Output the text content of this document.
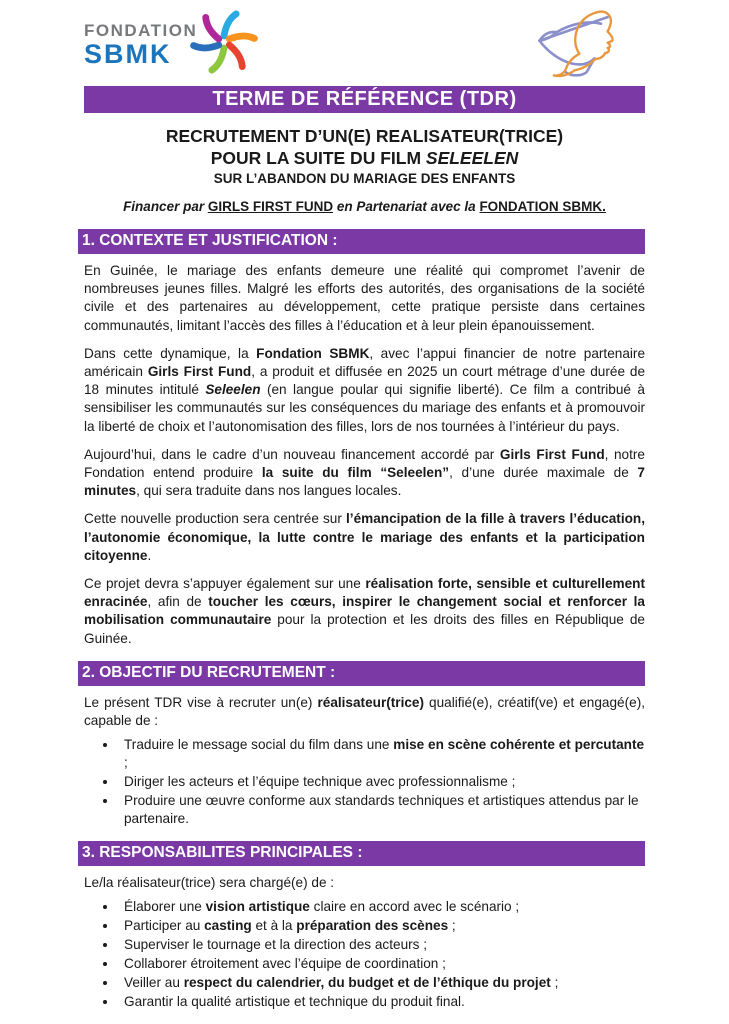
FONDATION
SBMK
TERME DE RÉFÉRENCE (TDR)
RECRUTEMENT D’UN(E) REALISATEUR(TRICE)
POUR LA SUITE DU FILM SELEELEN
SUR L’ABANDON DU MARIAGE DES ENFANTS
Financer par GIRLS FIRST FUND en Partenariat avec la FONDATION SBMK.
1. CONTEXTE ET JUSTIFICATION :

En Guinée, le mariage des enfants demeure une réalité qui compromet l’avenir de nombreuses jeunes filles. Malgré les efforts des autorités, des organisations de la société civile et des partenaires au développement, cette pratique persiste dans certaines communautés, limitant l’accès des filles à l’éducation et à leur plein épanouissement.

Dans cette dynamique, la Fondation SBMK, avec l’appui financier de notre partenaire américain Girls First Fund, a produit et diffusée en 2025 un court métrage d’une durée de 18 minutes intitulé Seleelen (en langue poular qui signifie liberté). Ce film a contribué à sensibiliser les communautés sur les conséquences du mariage des enfants et à promouvoir la liberté de choix et l’autonomisation des filles, lors de nos tournées à l’intérieur du pays.

Aujourd’hui, dans le cadre d’un nouveau financement accordé par Girls First Fund, notre Fondation entend produire la suite du film “Seleelen”, d’une durée maximale de 7 minutes, qui sera traduite dans nos langues locales.

Cette nouvelle production sera centrée sur l’émancipation de la fille à travers l’éducation, l’autonomie économique, la lutte contre le mariage des enfants et la participation citoyenne.

Ce projet devra s’appuyer également sur une réalisation forte, sensible et culturellement enracinée, afin de toucher les cœurs, inspirer le changement social et renforcer la mobilisation communautaire pour la protection et les droits des filles en République de Guinée.

2. OBJECTIF DU RECRUTEMENT :

Le présent TDR vise à recruter un(e) réalisateur(trice) qualifié(e), créatif(ve) et engagé(e), capable de :

• Traduire le message social du film dans une mise en scène cohérente et percutante ;
• Diriger les acteurs et l’équipe technique avec professionnalisme ;
• Produire une œuvre conforme aux standards techniques et artistiques attendus par le partenaire.
3. RESPONSABILITES PRINCIPALES :

Le/la réalisateur(trice) sera chargé(e) de :

• Élaborer une vision artistique claire en accord avec le scénario ;
• Participer au casting et à la préparation des scènes ;
• Superviser le tournage et la direction des acteurs ;
• Collaborer étroitement avec l’équipe de coordination ;
• Veiller au respect du calendrier, du budget et de l’éthique du projet ;
• Garantir la qualité artistique et technique du produit final.
